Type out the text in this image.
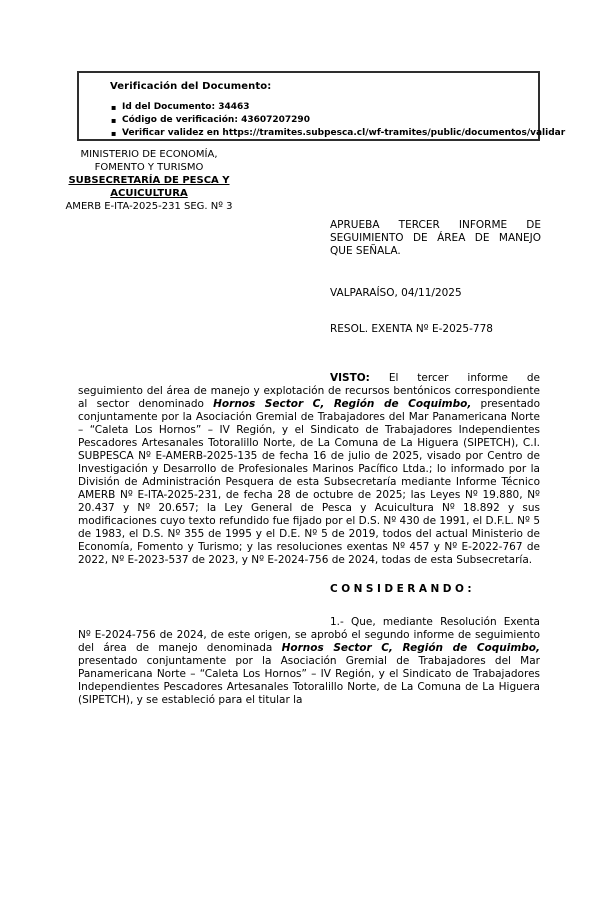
Verificación del Documento:
▪ Id del Documento: 34463
▪ Código de verificación: 43607207290
▪ Verificar validez en https://tramites.subpesca.cl/wf-tramites/public/documentos/validar
MINISTERIO DE ECONOMÍA,
FOMENTO Y TURISMO
SUBSECRETARÍA DE PESCA Y
ACUICULTURA
AMERB E-ITA-2025-231 SEG. Nº 3
APRUEBA TERCER INFORME DE SEGUIMIENTO DE ÁREA DE MANEJO QUE SEÑALA.
VALPARAÍSO, 04/11/2025
RESOL. EXENTA Nº E-2025-778

VISTO: El tercer informe de seguimiento del área de manejo y explotación de recursos bentónicos correspondiente al sector denominado Hornos Sector C, Región de Coquimbo, presentado conjuntamente por la Asociación Gremial de Trabajadores del Mar Panamericana Norte – “Caleta Los Hornos” – IV Región, y el Sindicato de Trabajadores Independientes Pescadores Artesanales Totoralillo Norte, de La Comuna de La Higuera (SIPETCH), C.I. SUBPESCA Nº E-AMERB-2025-135 de fecha 16 de julio de 2025, visado por Centro de Investigación y Desarrollo de Profesionales Marinos Pacífico Ltda.; lo informado por la División de Administración Pesquera de esta Subsecretaría mediante Informe Técnico AMERB Nº E-ITA-2025-231, de fecha 28 de octubre de 2025; las Leyes Nº 19.880, Nº 20.437 y Nº 20.657; la Ley General de Pesca y Acuicultura Nº 18.892 y sus modificaciones cuyo texto refundido fue fijado por el D.S. Nº 430 de 1991, el D.F.L. Nº 5 de 1983, el D.S. Nº 355 de 1995 y el D.E. Nº 5 de 2019, todos del actual Ministerio de Economía, Fomento y Turismo; y las resoluciones exentas Nº 457 y Nº E-2022-767 de 2022, Nº E-2023-537 de 2023, y Nº E-2024-756 de 2024, todas de esta Subsecretaría.

CONSIDERANDO:

1.- Que, mediante Resolución Exenta Nº E-2024-756 de 2024, de este origen, se aprobó el segundo informe de seguimiento del área de manejo denominada Hornos Sector C, Región de Coquimbo, presentado conjuntamente por la Asociación Gremial de Trabajadores del Mar Panamericana Norte – “Caleta Los Hornos” – IV Región, y el Sindicato de Trabajadores Independientes Pescadores Artesanales Totoralillo Norte, de La Comuna de La Higuera (SIPETCH), y se estableció para el titular la
